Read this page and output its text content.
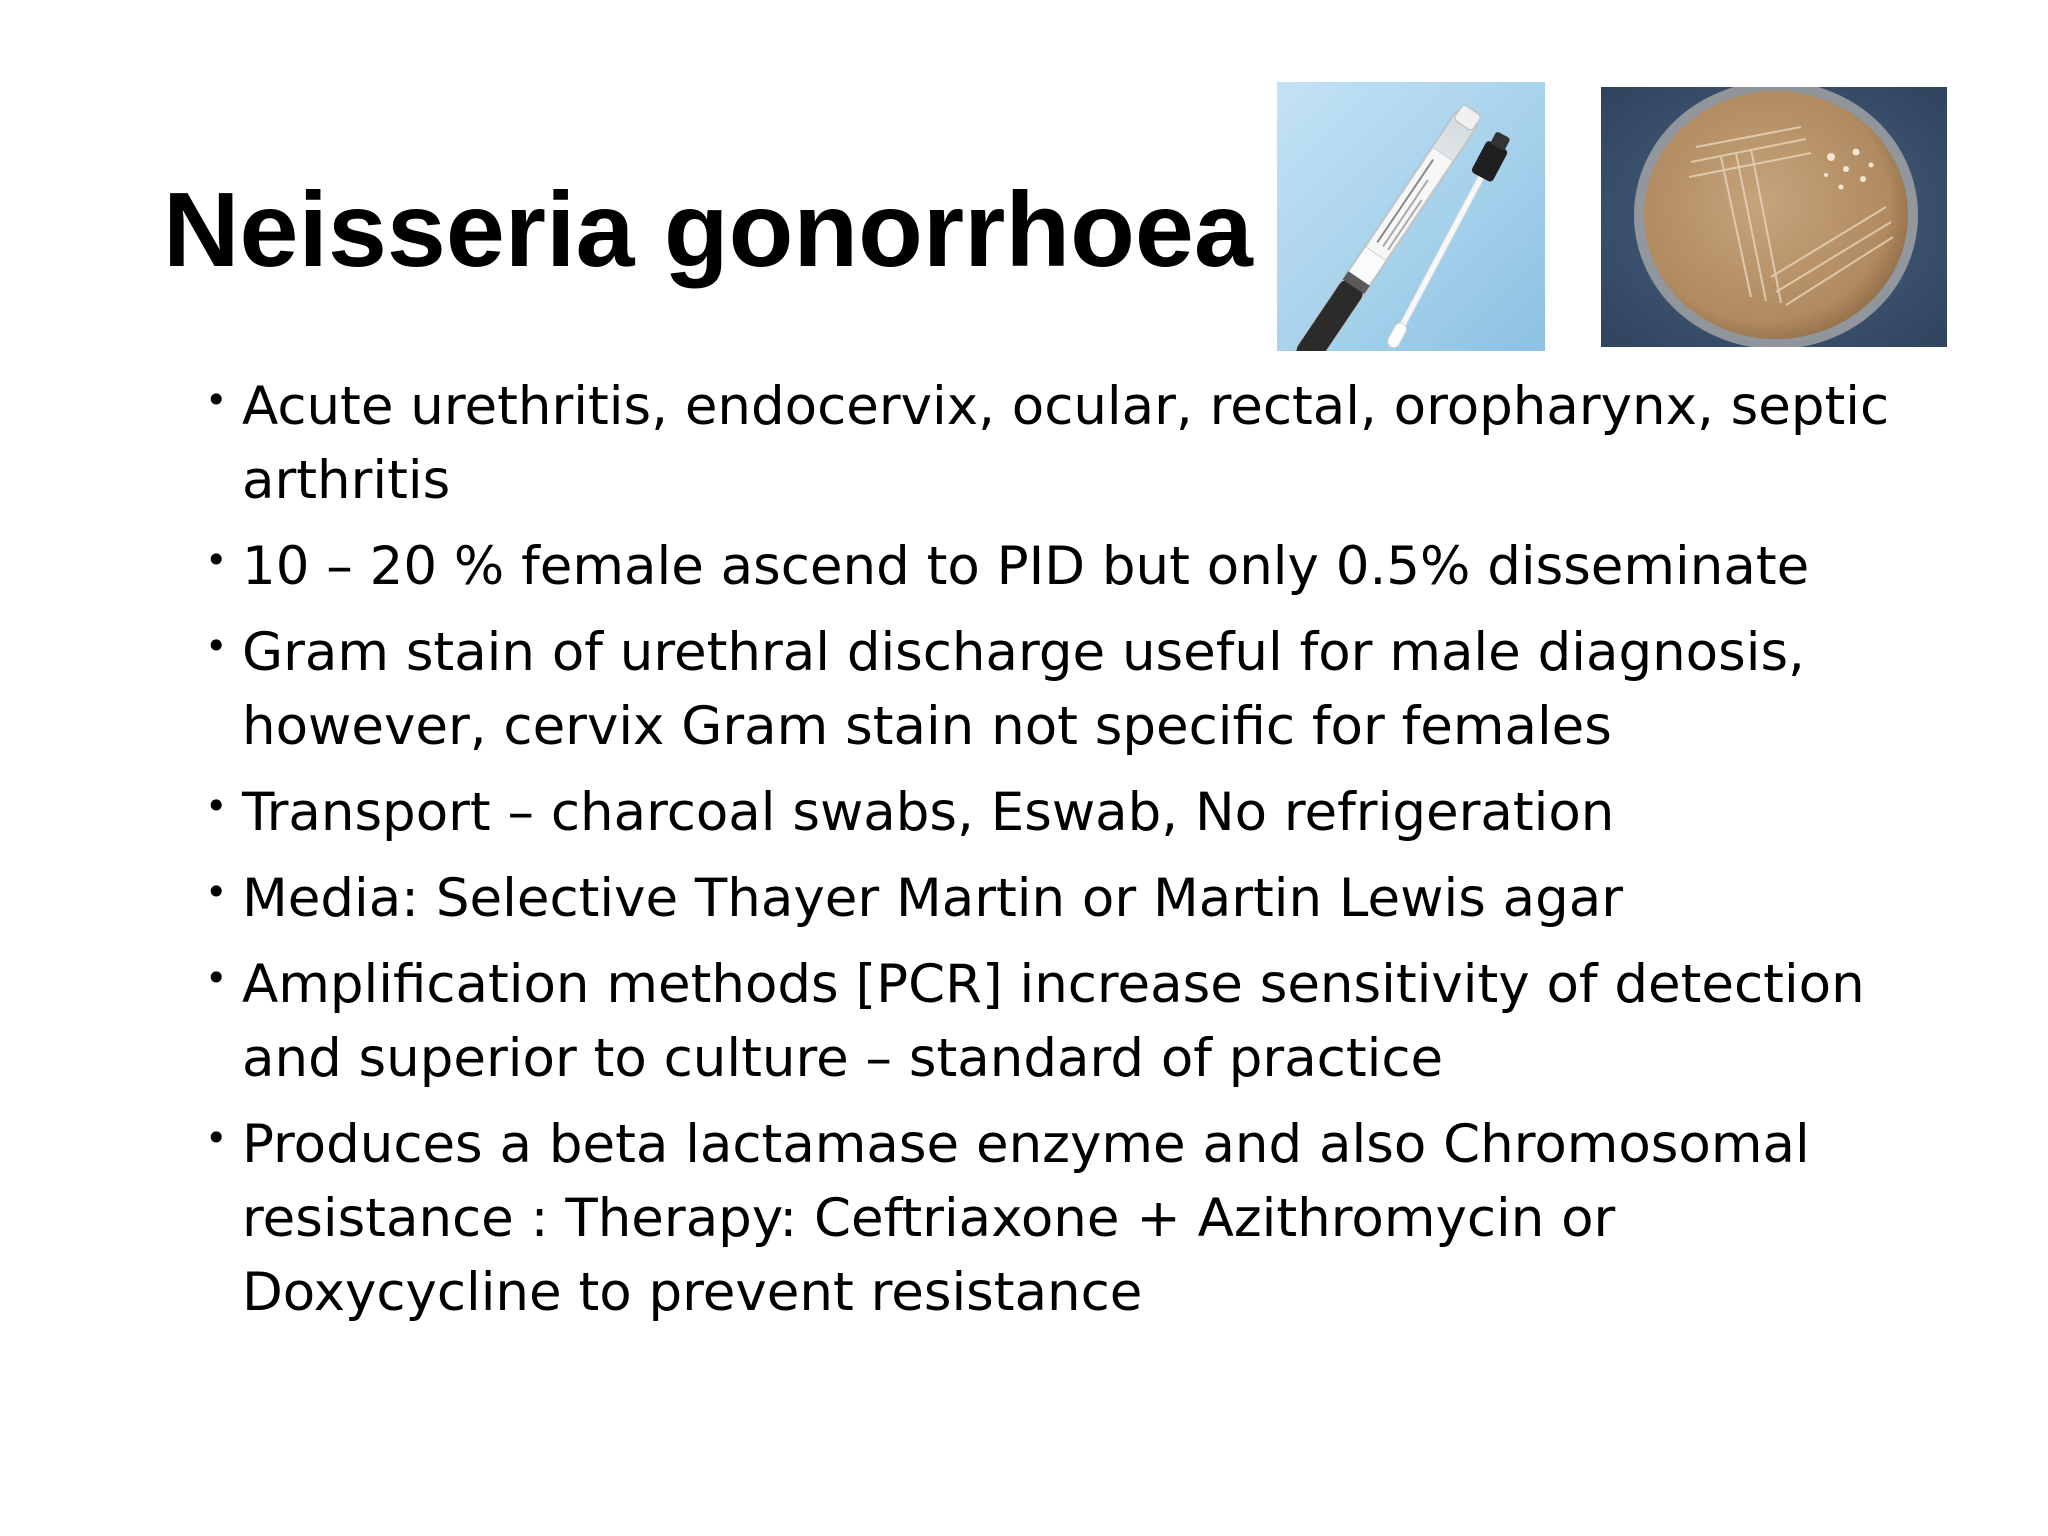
Neisseria gonorrhoea
• Acute urethritis, endocervix, ocular, rectal, oropharynx, septic arthritis
• 10 – 20 % female ascend to PID but only 0.5% disseminate
• Gram stain of urethral discharge useful for male diagnosis, however, cervix Gram stain not specific for females
• Transport – charcoal swabs, Eswab, No refrigeration
• Media: Selective Thayer Martin or Martin Lewis agar
• Amplification methods [PCR] increase sensitivity of detection and superior to culture – standard of practice
• Produces a beta lactamase enzyme and also Chromosomal resistance : Therapy: Ceftriaxone + Azithromycin or Doxycycline to prevent resistance
